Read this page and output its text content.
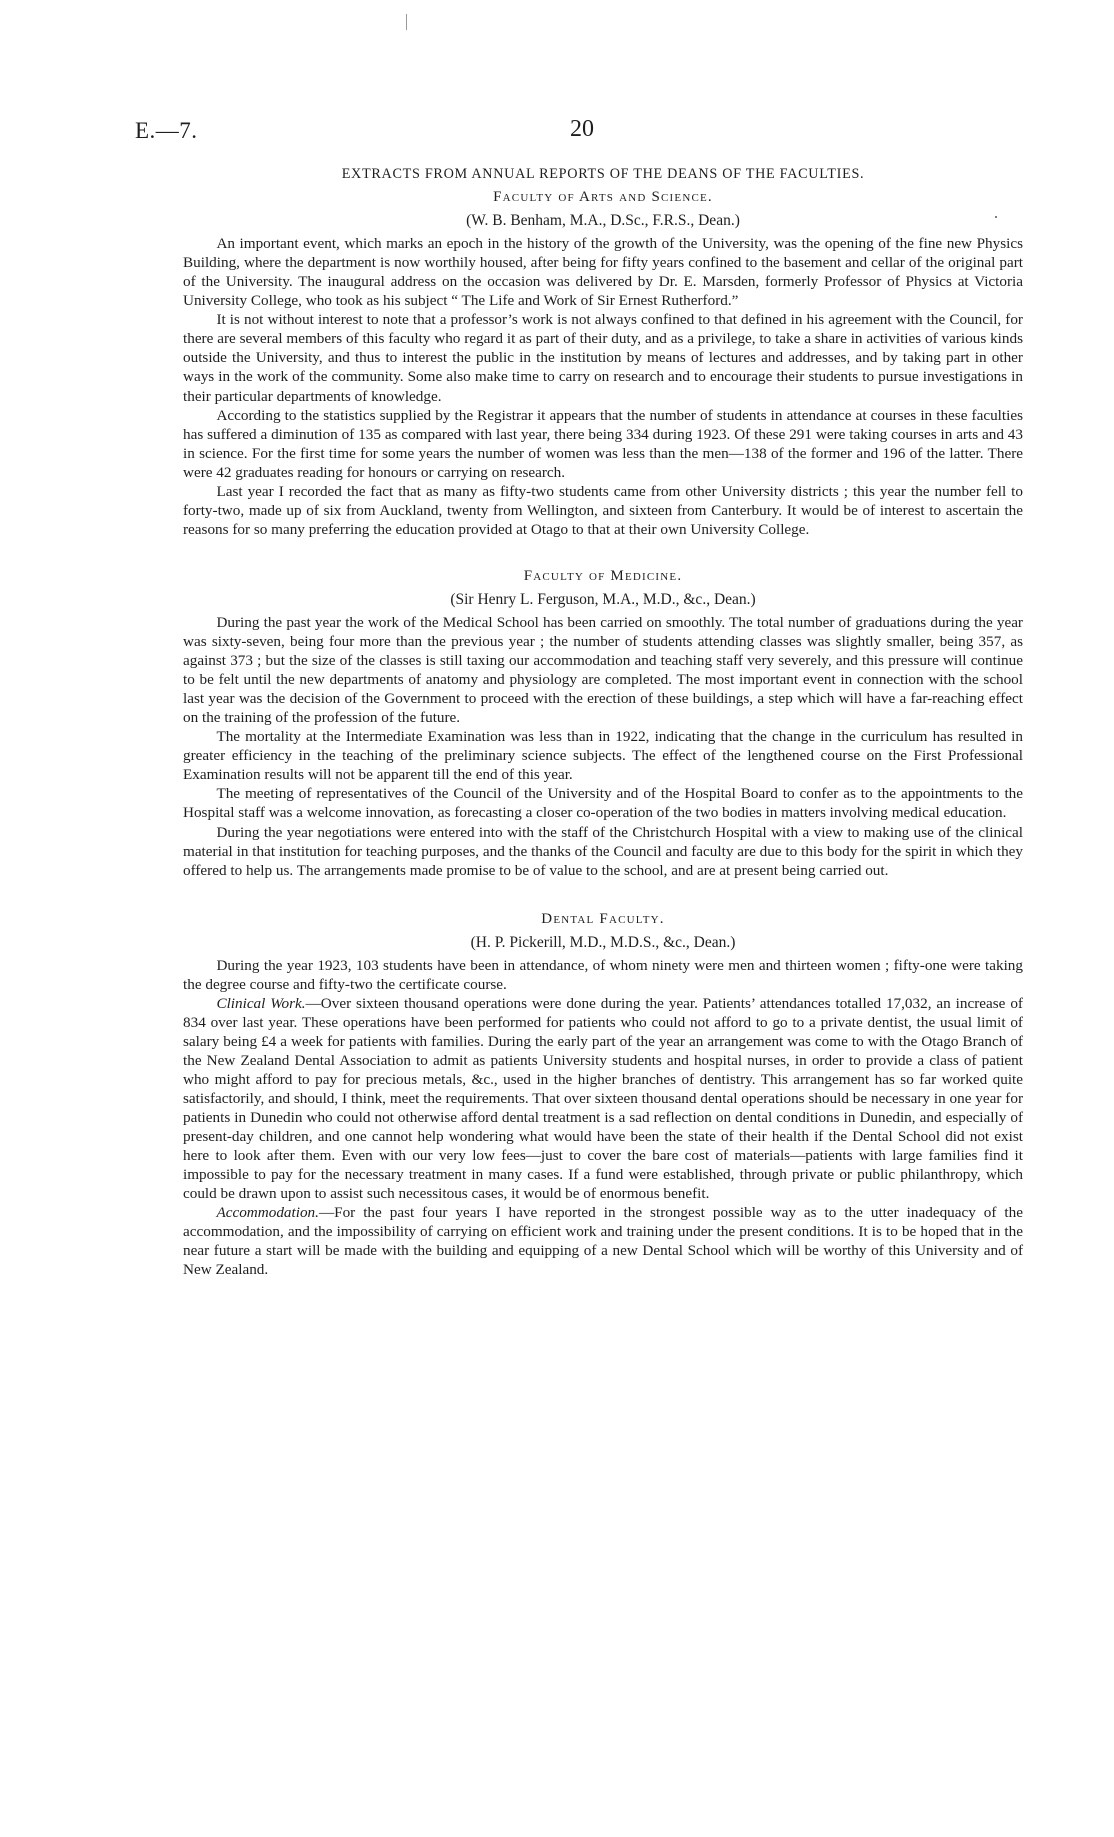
E.—7.	20
EXTRACTS FROM ANNUAL REPORTS OF THE DEANS OF THE FACULTIES.
Faculty of Arts and Science.
(W. B. Benham, M.A., D.Sc., F.R.S., Dean.)

An important event, which marks an epoch in the history of the growth of the University, was the opening of the fine new Physics Building, where the department is now worthily housed, after being for fifty years confined to the basement and cellar of the original part of the University. The inaugural address on the occasion was delivered by Dr. E. Marsden, formerly Professor of Physics at Victoria University College, who took as his subject “ The Life and Work of Sir Ernest Rutherford.”

It is not without interest to note that a professor’s work is not always confined to that defined in his agreement with the Council, for there are several members of this faculty who regard it as part of their duty, and as a privilege, to take a share in activities of various kinds outside the University, and thus to interest the public in the institution by means of lectures and addresses, and by taking part in other ways in the work of the community. Some also make time to carry on research and to encourage their students to pursue investigations in their particular departments of knowledge.

According to the statistics supplied by the Registrar it appears that the number of students in attendance at courses in these faculties has suffered a diminution of 135 as compared with last year, there being 334 during 1923. Of these 291 were taking courses in arts and 43 in science. For the first time for some years the number of women was less than the men—138 of the former and 196 of the latter. There were 42 graduates reading for honours or carrying on research.

Last year I recorded the fact that as many as fifty-two students came from other University districts ; this year the number fell to forty-two, made up of six from Auckland, twenty from Wellington, and sixteen from Canterbury. It would be of interest to ascertain the reasons for so many preferring the education provided at Otago to that at their own University College.

Faculty of Medicine.
(Sir Henry L. Ferguson, M.A., M.D., &c., Dean.)

During the past year the work of the Medical School has been carried on smoothly. The total number of graduations during the year was sixty-seven, being four more than the previous year ; the number of students attending classes was slightly smaller, being 357, as against 373 ; but the size of the classes is still taxing our accommodation and teaching staff very severely, and this pressure will continue to be felt until the new departments of anatomy and physiology are completed. The most important event in connection with the school last year was the decision of the Government to proceed with the erection of these buildings, a step which will have a far-reaching effect on the training of the profession of the future.

The mortality at the Intermediate Examination was less than in 1922, indicating that the change in the curriculum has resulted in greater efficiency in the teaching of the preliminary science subjects. The effect of the lengthened course on the First Professional Examination results will not be apparent till the end of this year.

The meeting of representatives of the Council of the University and of the Hospital Board to confer as to the appointments to the Hospital staff was a welcome innovation, as forecasting a closer co-operation of the two bodies in matters involving medical education.

During the year negotiations were entered into with the staff of the Christchurch Hospital with a view to making use of the clinical material in that institution for teaching purposes, and the thanks of the Council and faculty are due to this body for the spirit in which they offered to help us. The arrangements made promise to be of value to the school, and are at present being carried out.

Dental Faculty.
(H. P. Pickerill, M.D., M.D.S., &c., Dean.)

During the year 1923, 103 students have been in attendance, of whom ninety were men and thirteen women ; fifty-one were taking the degree course and fifty-two the certificate course.

Clinical Work.—Over sixteen thousand operations were done during the year. Patients’ attendances totalled 17,032, an increase of 834 over last year. These operations have been performed for patients who could not afford to go to a private dentist, the usual limit of salary being £4 a week for patients with families. During the early part of the year an arrangement was come to with the Otago Branch of the New Zealand Dental Association to admit as patients University students and hospital nurses, in order to provide a class of patient who might afford to pay for precious metals, &c., used in the higher branches of dentistry. This arrangement has so far worked quite satisfactorily, and should, I think, meet the requirements. That over sixteen thousand dental operations should be necessary in one year for patients in Dunedin who could not otherwise afford dental treatment is a sad reflection on dental conditions in Dunedin, and especially of present-day children, and one cannot help wondering what would have been the state of their health if the Dental School did not exist here to look after them. Even with our very low fees—just to cover the bare cost of materials—patients with large families find it impossible to pay for the necessary treatment in many cases. If a fund were established, through private or public philanthropy, which could be drawn upon to assist such necessitous cases, it would be of enormous benefit.

Accommodation.—For the past four years I have reported in the strongest possible way as to the utter inadequacy of the accommodation, and the impossibility of carrying on efficient work and training under the present conditions. It is to be hoped that in the near future a start will be made with the building and equipping of a new Dental School which will be worthy of this University and of New Zealand.
